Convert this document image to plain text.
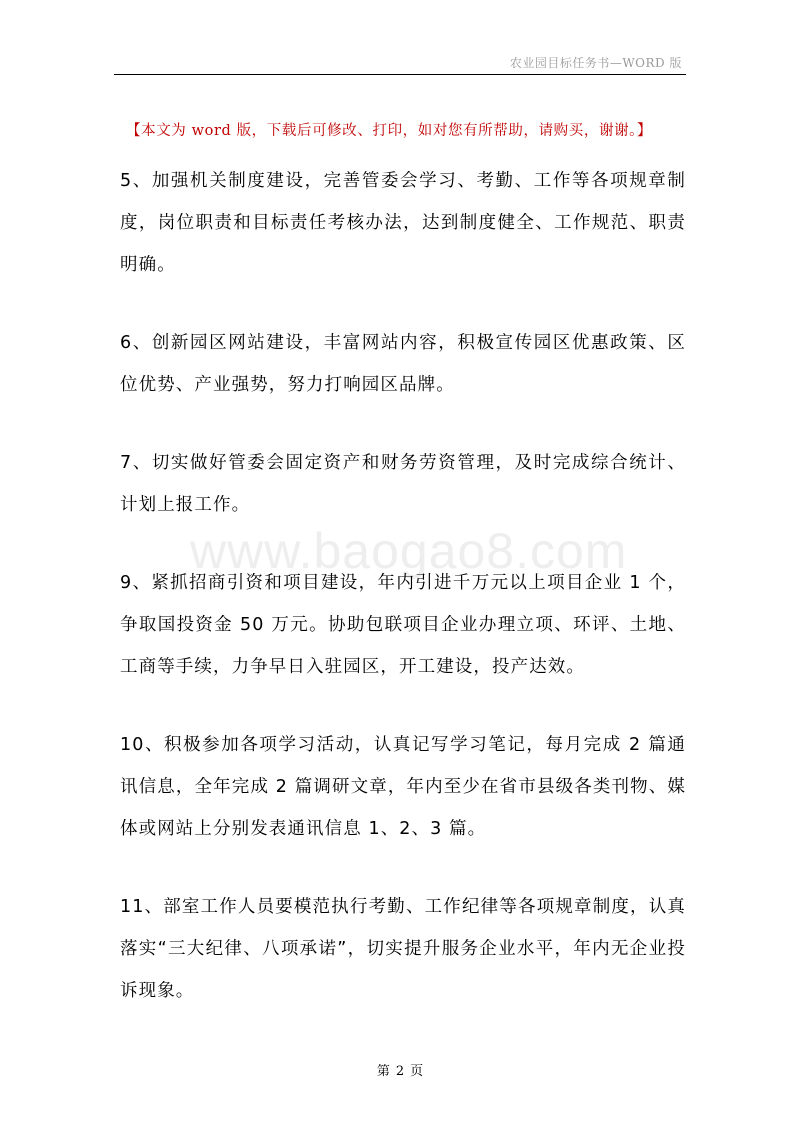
农业园目标任务书—WORD 版
【本文为 word 版，下载后可修改、打印，如对您有所帮助，请购买，谢谢。】
www.baogao8.com

5、加强机关制度建设，完善管委会学习、考勤、工作等各项规章制度，岗位职责和目标责任考核办法，达到制度健全、工作规范、职责明确。

6、创新园区网站建设，丰富网站内容，积极宣传园区优惠政策、区位优势、产业强势，努力打响园区品牌。

7、切实做好管委会固定资产和财务劳资管理，及时完成综合统计、计划上报工作。

9、紧抓招商引资和项目建设，年内引进千万元以上项目企业 1 个，争取国投资金 50 万元。协助包联项目企业办理立项、环评、土地、工商等手续，力争早日入驻园区，开工建设，投产达效。

10、积极参加各项学习活动，认真记写学习笔记，每月完成 2 篇通讯信息，全年完成 2 篇调研文章，年内至少在省市县级各类刊物、媒体或网站上分别发表通讯信息 1、2、3 篇。

11、部室工作人员要模范执行考勤、工作纪律等各项规章制度，认真落实“三大纪律、八项承诺”，切实提升服务企业水平，年内无企业投诉现象。

第 2 页
